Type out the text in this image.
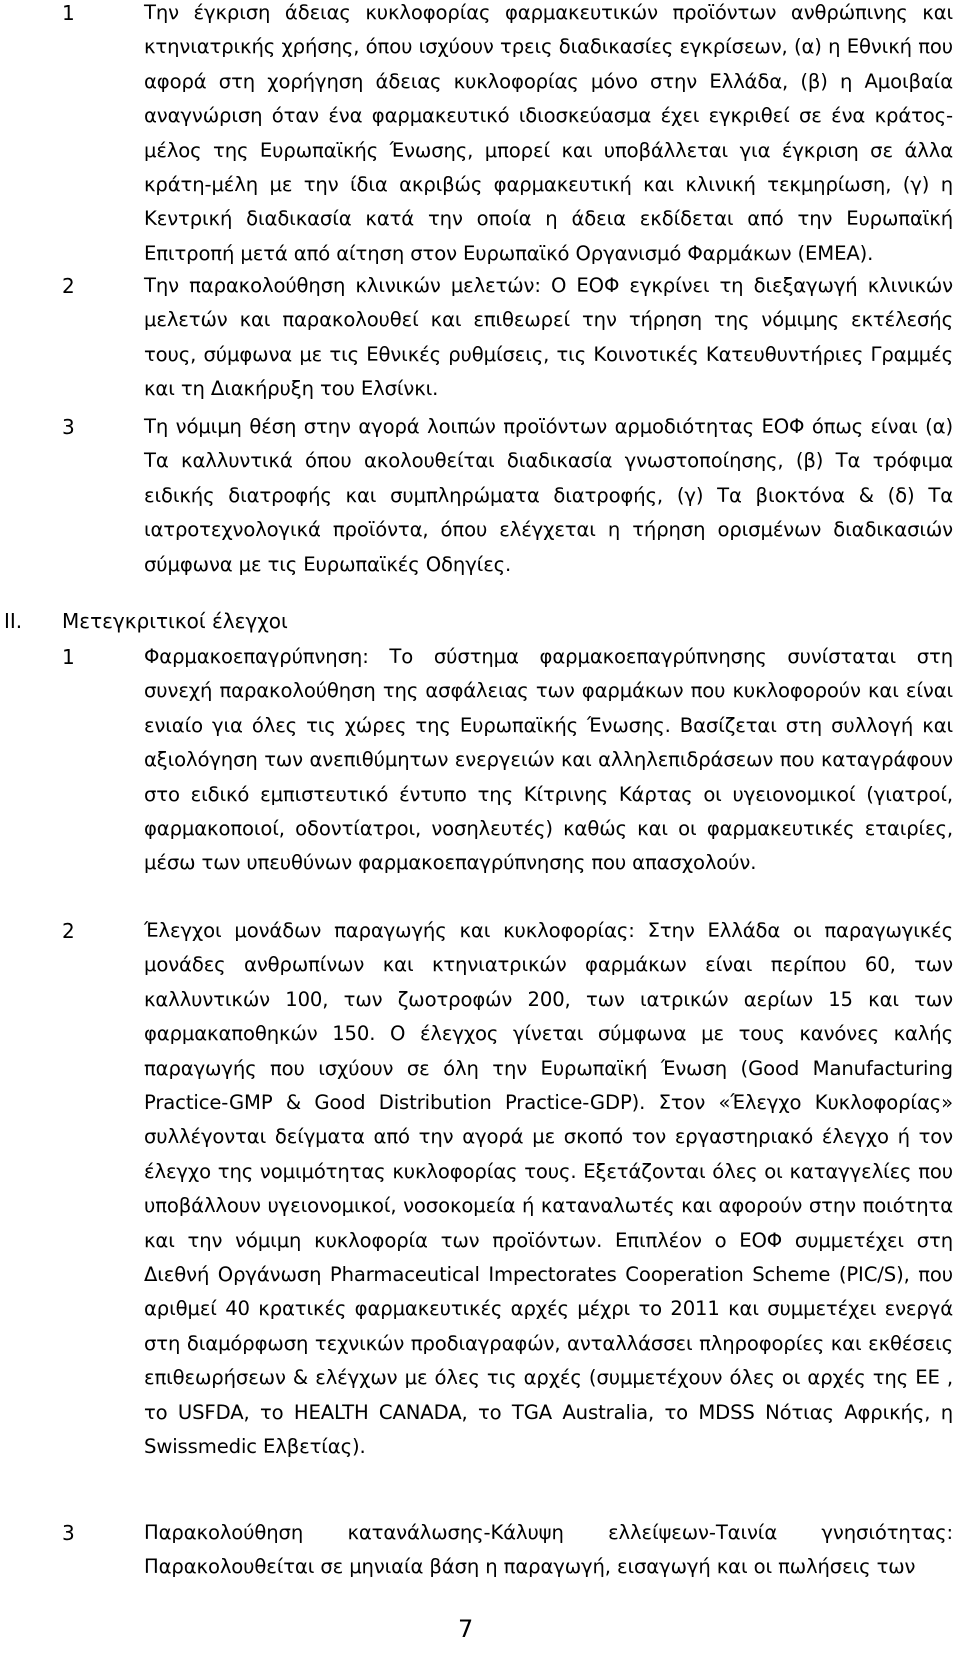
1	Την έγκριση άδειας κυκλοφορίας φαρμακευτικών προϊόντων ανθρώπινης και κτηνιατρικής χρήσης, όπου ισχύουν τρεις διαδικασίες εγκρίσεων, (α) η Εθνική που αφορά στη χορήγηση άδειας κυκλοφορίας μόνο στην Ελλάδα, (β) η Αμοιβαία αναγνώριση όταν ένα φαρμακευτικό ιδιοσκεύασμα έχει εγκριθεί σε ένα κράτος-μέλος της Ευρωπαϊκής Ένωσης, μπορεί και υποβάλλεται για έγκριση σε άλλα κράτη-μέλη με την ίδια ακριβώς φαρμακευτική και κλινική τεκμηρίωση, (γ) η Κεντρική διαδικασία κατά την οποία η άδεια εκδίδεται από την Ευρωπαϊκή Επιτροπή μετά από αίτηση στον Ευρωπαϊκό Οργανισμό Φαρμάκων (ΕΜΕΑ).
2	Την παρακολούθηση κλινικών μελετών: Ο ΕΟΦ εγκρίνει τη διεξαγωγή κλινικών μελετών και παρακολουθεί και επιθεωρεί την τήρηση της νόμιμης εκτέλεσής τους, σύμφωνα με τις Εθνικές ρυθμίσεις, τις Κοινοτικές Κατευθυντήριες Γραμμές και τη Διακήρυξη του Ελσίνκι.
3	Τη νόμιμη θέση στην αγορά λοιπών προϊόντων αρμοδιότητας ΕΟΦ όπως είναι (α) Τα καλλυντικά όπου ακολουθείται διαδικασία γνωστοποίησης, (β) Τα τρόφιμα ειδικής διατροφής και συμπληρώματα διατροφής, (γ) Τα βιοκτόνα & (δ) Τα ιατροτεχνολογικά προϊόντα, όπου ελέγχεται η τήρηση ορισμένων διαδικασιών σύμφωνα με τις Ευρωπαϊκές Οδηγίες.
II. Μετεγκριτικοί έλεγχοι
1	Φαρμακοεπαγρύπνηση: Το σύστημα φαρμακοεπαγρύπνησης συνίσταται στη συνεχή παρακολούθηση της ασφάλειας των φαρμάκων που κυκλοφορούν και είναι ενιαίο για όλες τις χώρες της Ευρωπαϊκής Ένωσης. Βασίζεται στη συλλογή και αξιολόγηση των ανεπιθύμητων ενεργειών και αλληλεπιδράσεων που καταγράφουν στο ειδικό εμπιστευτικό έντυπο της Κίτρινης Κάρτας οι υγειονομικοί (γιατροί, φαρμακοποιοί, οδοντίατροι, νοσηλευτές) καθώς και οι φαρμακευτικές εταιρίες, μέσω των υπευθύνων φαρμακοεπαγρύπνησης που απασχολούν.
2	Έλεγχοι μονάδων παραγωγής και κυκλοφορίας: Στην Ελλάδα οι παραγωγικές μονάδες ανθρωπίνων και κτηνιατρικών φαρμάκων είναι περίπου 60, των καλλυντικών 100, των ζωοτροφών 200, των ιατρικών αερίων 15 και των φαρμακαποθηκών 150. Ο έλεγχος γίνεται σύμφωνα με τους κανόνες καλής παραγωγής που ισχύουν σε όλη την Ευρωπαϊκή Ένωση (Good Manufacturing Practice-GMP & Good Distribution Practice-GDP). Στον «Έλεγχο Κυκλοφορίας» συλλέγονται δείγματα από την αγορά με σκοπό τον εργαστηριακό έλεγχο ή τον έλεγχο της νομιμότητας κυκλοφορίας τους. Εξετάζονται όλες οι καταγγελίες που υποβάλλουν υγειονομικοί, νοσοκομεία ή καταναλωτές και αφορούν στην ποιότητα και την νόμιμη κυκλοφορία των προϊόντων. Επιπλέον ο ΕΟΦ συμμετέχει στη Διεθνή Οργάνωση Pharmaceutical Impectorates Cooperation Scheme (PIC/S), που αριθμεί 40 κρατικές φαρμακευτικές αρχές μέχρι το 2011 και συμμετέχει ενεργά στη διαμόρφωση τεχνικών προδιαγραφών, ανταλλάσσει πληροφορίες και εκθέσεις επιθεωρήσεων & ελέγχων με όλες τις αρχές (συμμετέχουν όλες οι αρχές της ΕΕ , το USFDA, το HEALTH CANADA, το TGA Australia, το MDSS Νότιας Αφρικής, η Swissmedic Ελβετίας).
3	Παρακολούθηση κατανάλωσης-Κάλυψη ελλείψεων-Ταινία γνησιότητας: Παρακολουθείται σε μηνιαία βάση η παραγωγή, εισαγωγή και οι πωλήσεις των
7
